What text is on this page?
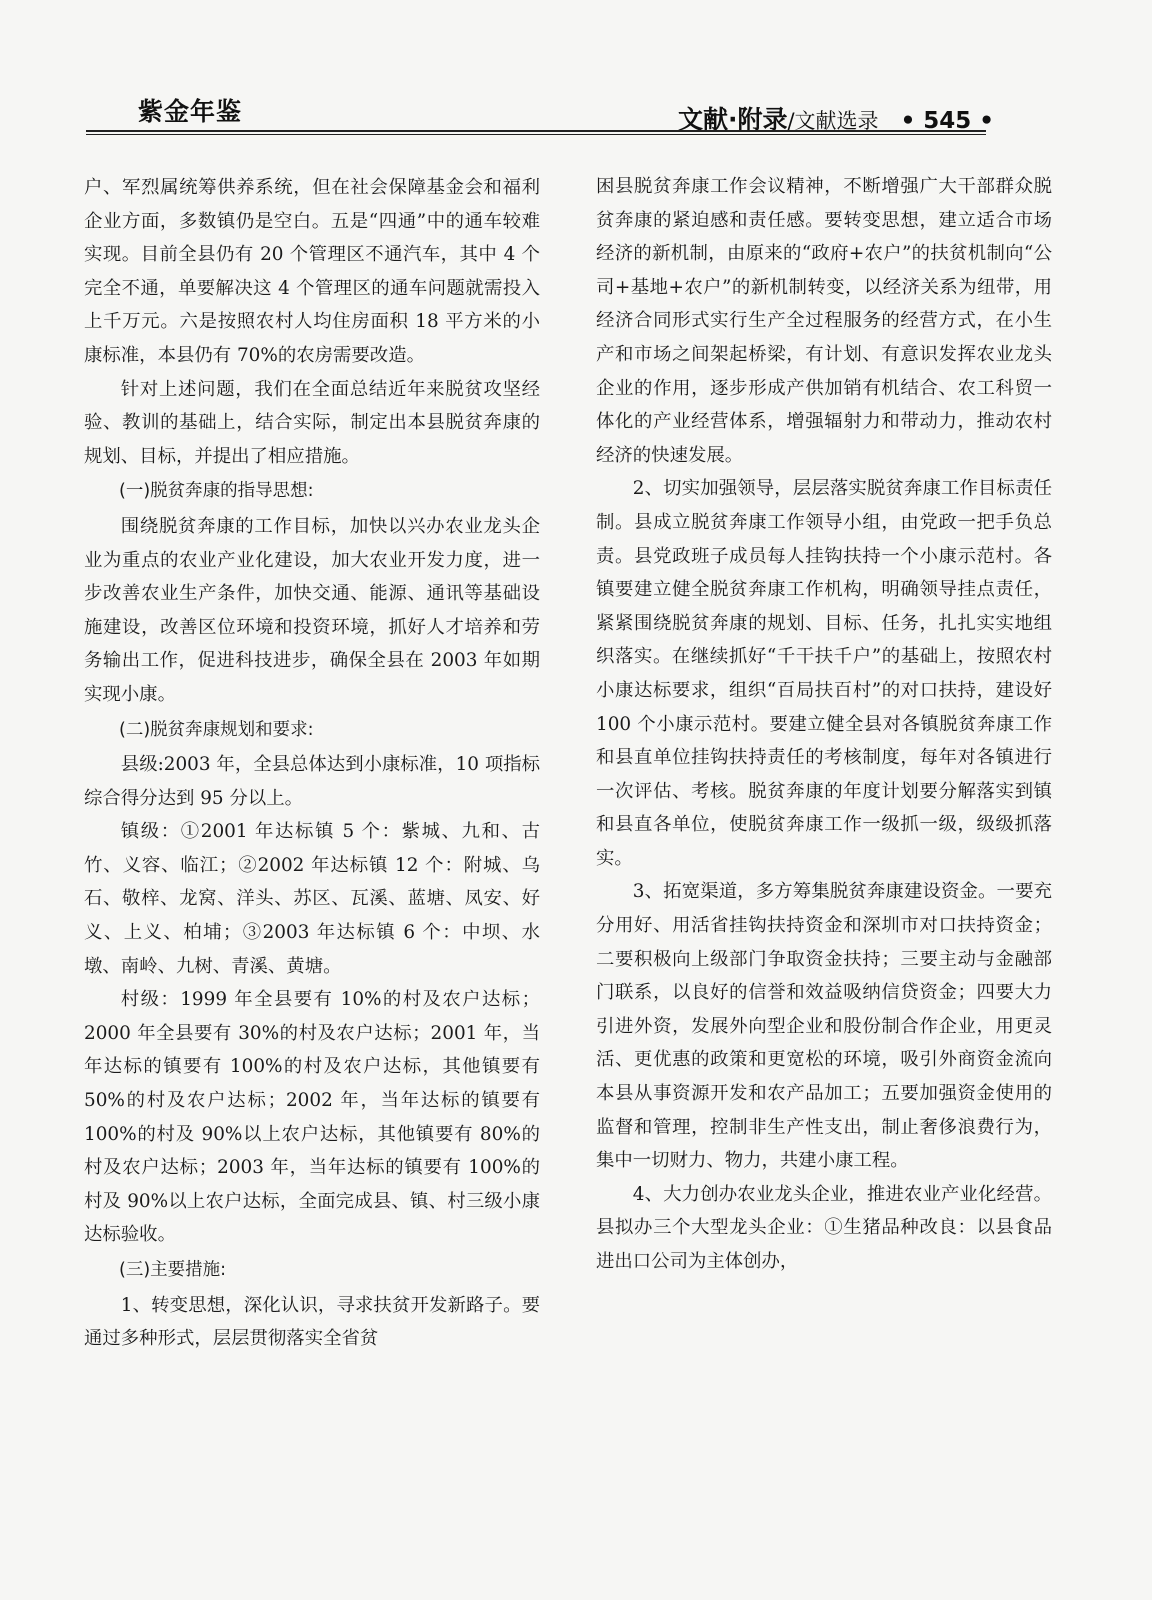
紫金年鉴	文献·附录/文献选录 • 545 •

户、军烈属统筹供养系统，但在社会保障基金会和福利企业方面，多数镇仍是空白。五是“四通”中的通车较难实现。目前全县仍有 20 个管理区不通汽车，其中 4 个完全不通，单要解决这 4 个管理区的通车问题就需投入上千万元。六是按照农村人均住房面积 18 平方米的小康标准，本县仍有 70%的农房需要改造。

针对上述问题，我们在全面总结近年来脱贫攻坚经验、教训的基础上，结合实际，制定出本县脱贫奔康的规划、目标，并提出了相应措施。

(一)脱贫奔康的指导思想:

围绕脱贫奔康的工作目标，加快以兴办农业龙头企业为重点的农业产业化建设，加大农业开发力度，进一步改善农业生产条件，加快交通、能源、通讯等基础设施建设，改善区位环境和投资环境，抓好人才培养和劳务输出工作，促进科技进步，确保全县在 2003 年如期实现小康。

(二)脱贫奔康规划和要求:

县级:2003 年，全县总体达到小康标准，10 项指标综合得分达到 95 分以上。

镇级：①2001 年达标镇 5 个：紫城、九和、古竹、义容、临江；②2002 年达标镇 12 个：附城、乌石、敬梓、龙窝、洋头、苏区、瓦溪、蓝塘、凤安、好义、上义、柏埔；③2003 年达标镇 6 个：中坝、水墩、南岭、九树、青溪、黄塘。

村级：1999 年全县要有 10%的村及农户达标；2000 年全县要有 30%的村及农户达标；2001 年，当年达标的镇要有 100%的村及农户达标，其他镇要有 50%的村及农户达标；2002 年，当年达标的镇要有 100%的村及 90%以上农户达标，其他镇要有 80%的村及农户达标；2003 年，当年达标的镇要有 100%的村及 90%以上农户达标，全面完成县、镇、村三级小康达标验收。

(三)主要措施:

1、转变思想，深化认识，寻求扶贫开发新路子。要通过多种形式，层层贯彻落实全省贫

困县脱贫奔康工作会议精神，不断增强广大干部群众脱贫奔康的紧迫感和责任感。要转变思想，建立适合市场经济的新机制，由原来的“政府+农户”的扶贫机制向“公司+基地+农户”的新机制转变，以经济关系为纽带，用经济合同形式实行生产全过程服务的经营方式，在小生产和市场之间架起桥梁，有计划、有意识发挥农业龙头企业的作用，逐步形成产供加销有机结合、农工科贸一体化的产业经营体系，增强辐射力和带动力，推动农村经济的快速发展。

2、切实加强领导，层层落实脱贫奔康工作目标责任制。县成立脱贫奔康工作领导小组，由党政一把手负总责。县党政班子成员每人挂钩扶持一个小康示范村。各镇要建立健全脱贫奔康工作机构，明确领导挂点责任，紧紧围绕脱贫奔康的规划、目标、任务，扎扎实实地组织落实。在继续抓好“千干扶千户”的基础上，按照农村小康达标要求，组织“百局扶百村”的对口扶持，建设好 100 个小康示范村。要建立健全县对各镇脱贫奔康工作和县直单位挂钩扶持责任的考核制度，每年对各镇进行一次评估、考核。脱贫奔康的年度计划要分解落实到镇和县直各单位，使脱贫奔康工作一级抓一级，级级抓落实。

3、拓宽渠道，多方筹集脱贫奔康建设资金。一要充分用好、用活省挂钩扶持资金和深圳市对口扶持资金；二要积极向上级部门争取资金扶持；三要主动与金融部门联系，以良好的信誉和效益吸纳信贷资金；四要大力引进外资，发展外向型企业和股份制合作企业，用更灵活、更优惠的政策和更宽松的环境，吸引外商资金流向本县从事资源开发和农产品加工；五要加强资金使用的监督和管理，控制非生产性支出，制止奢侈浪费行为，集中一切财力、物力，共建小康工程。

4、大力创办农业龙头企业，推进农业产业化经营。县拟办三个大型龙头企业：①生猪品种改良：以县食品进出口公司为主体创办，
